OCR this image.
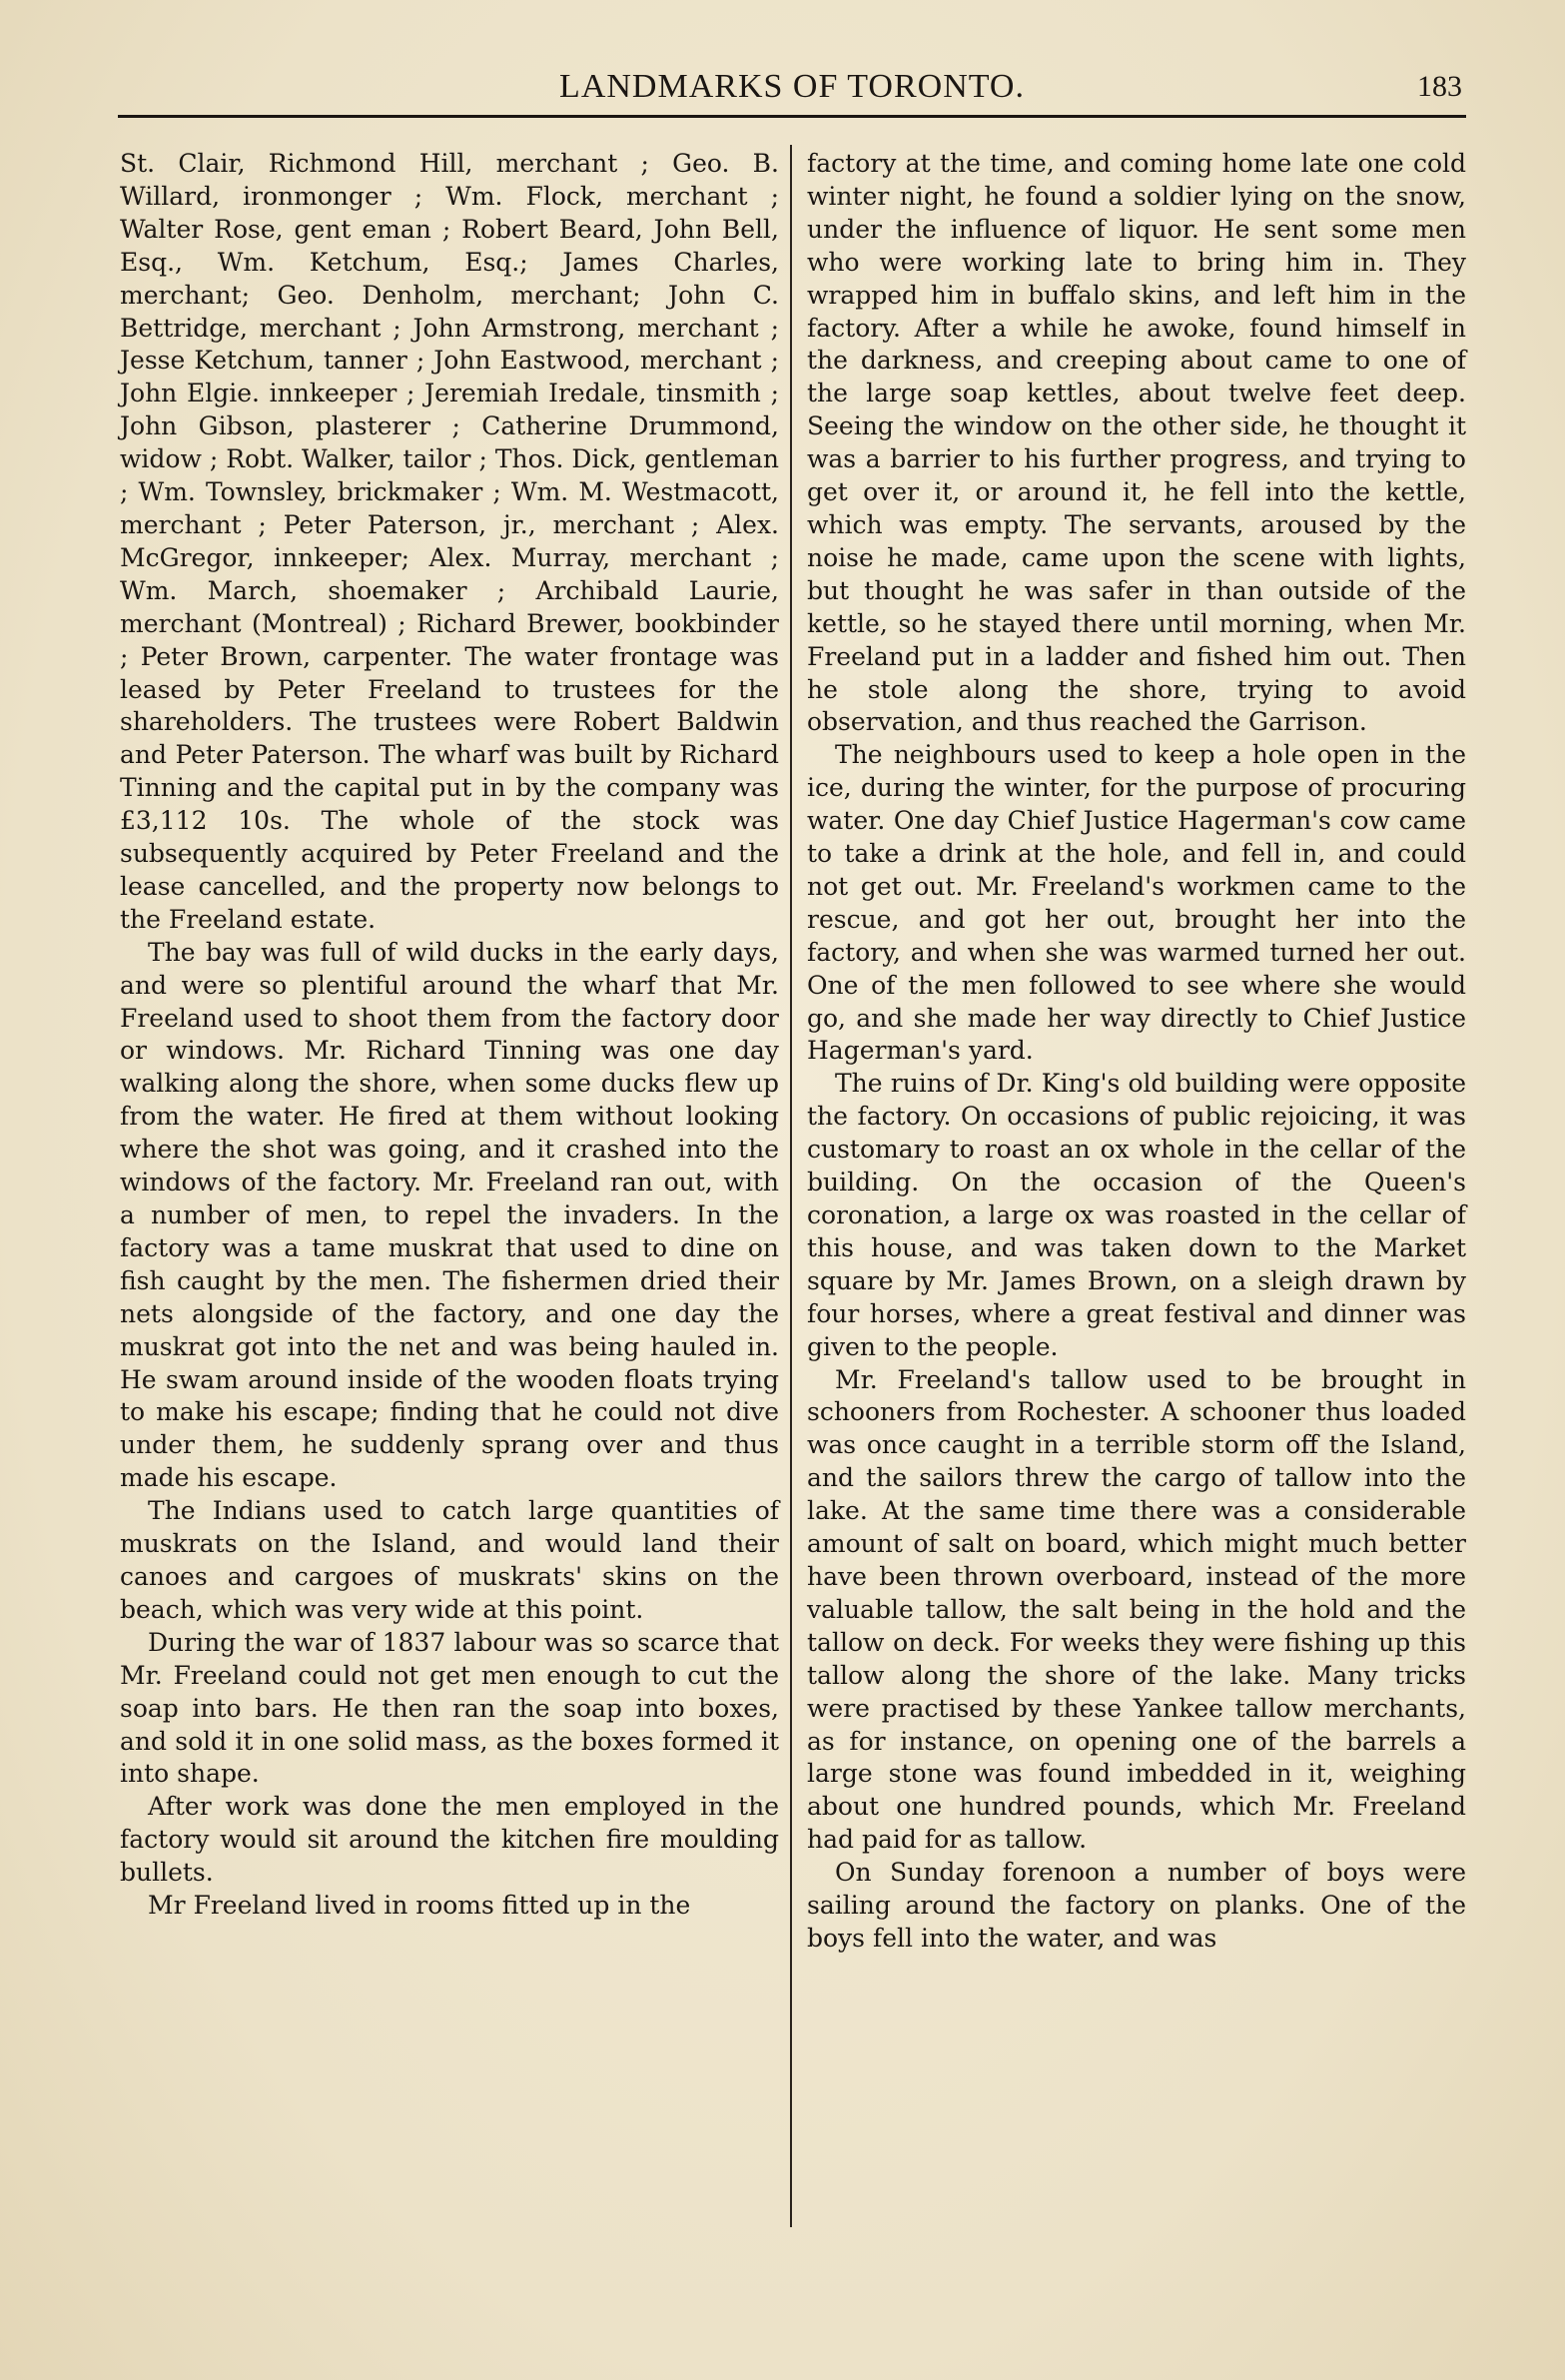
LANDMARKS OF TORONTO.	183

St. Clair, Richmond Hill, merchant ; Geo. B. Willard, ironmonger ; Wm. Flock, merchant ; Walter Rose, gent eman ; Robert Beard, John Bell, Esq., Wm. Ketchum, Esq.; James Charles, merchant; Geo. Denholm, merchant; John C. Bettridge, merchant ; John Armstrong, merchant ; Jesse Ketchum, tanner ; John Eastwood, merchant ; John Elgie. innkeeper ; Jeremiah Iredale, tinsmith ; John Gibson, plasterer ; Catherine Drummond, widow ; Robt. Walker, tailor ; Thos. Dick, gentleman ; Wm. Townsley, brickmaker ; Wm. M. Westmacott, merchant ; Peter Paterson, jr., merchant ; Alex. McGregor, innkeeper; Alex. Murray, merchant ; Wm. March, shoemaker ; Archibald Laurie, merchant (Montreal) ; Richard Brewer, bookbinder ; Peter Brown, carpenter. The water frontage was leased by Peter Freeland to trustees for the shareholders. The trustees were Robert Baldwin and Peter Paterson. The wharf was built by Richard Tinning and the capital put in by the company was £3,112 10s. The whole of the stock was subsequently acquired by Peter Freeland and the lease cancelled, and the property now belongs to the Freeland estate.

The bay was full of wild ducks in the early days, and were so plentiful around the wharf that Mr. Freeland used to shoot them from the factory door or windows. Mr. Richard Tinning was one day walking along the shore, when some ducks flew up from the water. He fired at them without looking where the shot was going, and it crashed into the windows of the factory. Mr. Freeland ran out, with a number of men, to repel the invaders. In the factory was a tame muskrat that used to dine on fish caught by the men. The fishermen dried their nets alongside of the factory, and one day the muskrat got into the net and was being hauled in. He swam around inside of the wooden floats trying to make his escape; finding that he could not dive under them, he suddenly sprang over and thus made his escape.

The Indians used to catch large quantities of muskrats on the Island, and would land their canoes and cargoes of muskrats' skins on the beach, which was very wide at this point.

During the war of 1837 labour was so scarce that Mr. Freeland could not get men enough to cut the soap into bars. He then ran the soap into boxes, and sold it in one solid mass, as the boxes formed it into shape.

After work was done the men employed in the factory would sit around the kitchen fire moulding bullets.

Mr Freeland lived in rooms fitted up in the

factory at the time, and coming home late one cold winter night, he found a soldier lying on the snow, under the influence of liquor. He sent some men who were working late to bring him in. They wrapped him in buffalo skins, and left him in the factory. After a while he awoke, found himself in the darkness, and creeping about came to one of the large soap kettles, about twelve feet deep. Seeing the window on the other side, he thought it was a barrier to his further progress, and trying to get over it, or around it, he fell into the kettle, which was empty. The servants, aroused by the noise he made, came upon the scene with lights, but thought he was safer in than outside of the kettle, so he stayed there until morning, when Mr. Freeland put in a ladder and fished him out. Then he stole along the shore, trying to avoid observation, and thus reached the Garrison.

The neighbours used to keep a hole open in the ice, during the winter, for the purpose of procuring water. One day Chief Justice Hagerman's cow came to take a drink at the hole, and fell in, and could not get out. Mr. Freeland's workmen came to the rescue, and got her out, brought her into the factory, and when she was warmed turned her out. One of the men followed to see where she would go, and she made her way directly to Chief Justice Hagerman's yard.

The ruins of Dr. King's old building were opposite the factory. On occasions of public rejoicing, it was customary to roast an ox whole in the cellar of the building. On the occasion of the Queen's coronation, a large ox was roasted in the cellar of this house, and was taken down to the Market square by Mr. James Brown, on a sleigh drawn by four horses, where a great festival and dinner was given to the people.

Mr. Freeland's tallow used to be brought in schooners from Rochester. A schooner thus loaded was once caught in a terrible storm off the Island, and the sailors threw the cargo of tallow into the lake. At the same time there was a considerable amount of salt on board, which might much better have been thrown overboard, instead of the more valuable tallow, the salt being in the hold and the tallow on deck. For weeks they were fishing up this tallow along the shore of the lake. Many tricks were practised by these Yankee tallow merchants, as for instance, on opening one of the barrels a large stone was found imbedded in it, weighing about one hundred pounds, which Mr. Freeland had paid for as tallow.

On Sunday forenoon a number of boys were sailing around the factory on planks. One of the boys fell into the water, and was
